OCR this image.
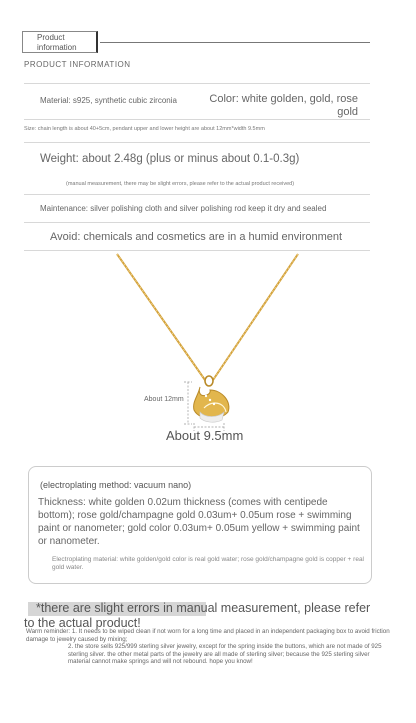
Product information
PRODUCT INFORMATION
Material: s925, synthetic cubic zirconia	Color: white golden, gold, rose gold
Size: chain length is about 40+5cm, pendant upper and lower height are about 12mm*width 9.5mm
Weight: about 2.48g (plus or minus about 0.1-0.3g)
(manual measurement, there may be slight errors, please refer to the actual product received)
Maintenance: silver polishing cloth and silver polishing rod keep it dry and sealed
Avoid: chemicals and cosmetics are in a humid environment
About 12mm
About 9.5mm
(electroplating method: vacuum nano)
Thickness: white golden 0.02um thickness (comes with centipede bottom); rose gold/champagne gold 0.03um+ 0.05um rose + swimming paint or nanometer; gold color 0.03um+ 0.05um yellow + swimming paint or nanometer.
Electroplating material: white golden/gold color is real gold water; rose gold/champagne gold is copper + real gold water.
*there are slight errors in manual measurement, please refer to the actual product!
Warm reminder: 1. It needs to be wiped clean if not worn for a long time and placed in an independent packaging box to avoid friction damage to jewelry caused by mixing;
2. the store sells 925/999 sterling silver jewelry, except for the spring inside the buttons, which are not made of 925 sterling silver. the other metal parts of the jewelry are all made of sterling silver; because the 925 sterling silver material cannot make springs and will not rebound. hope you know!
